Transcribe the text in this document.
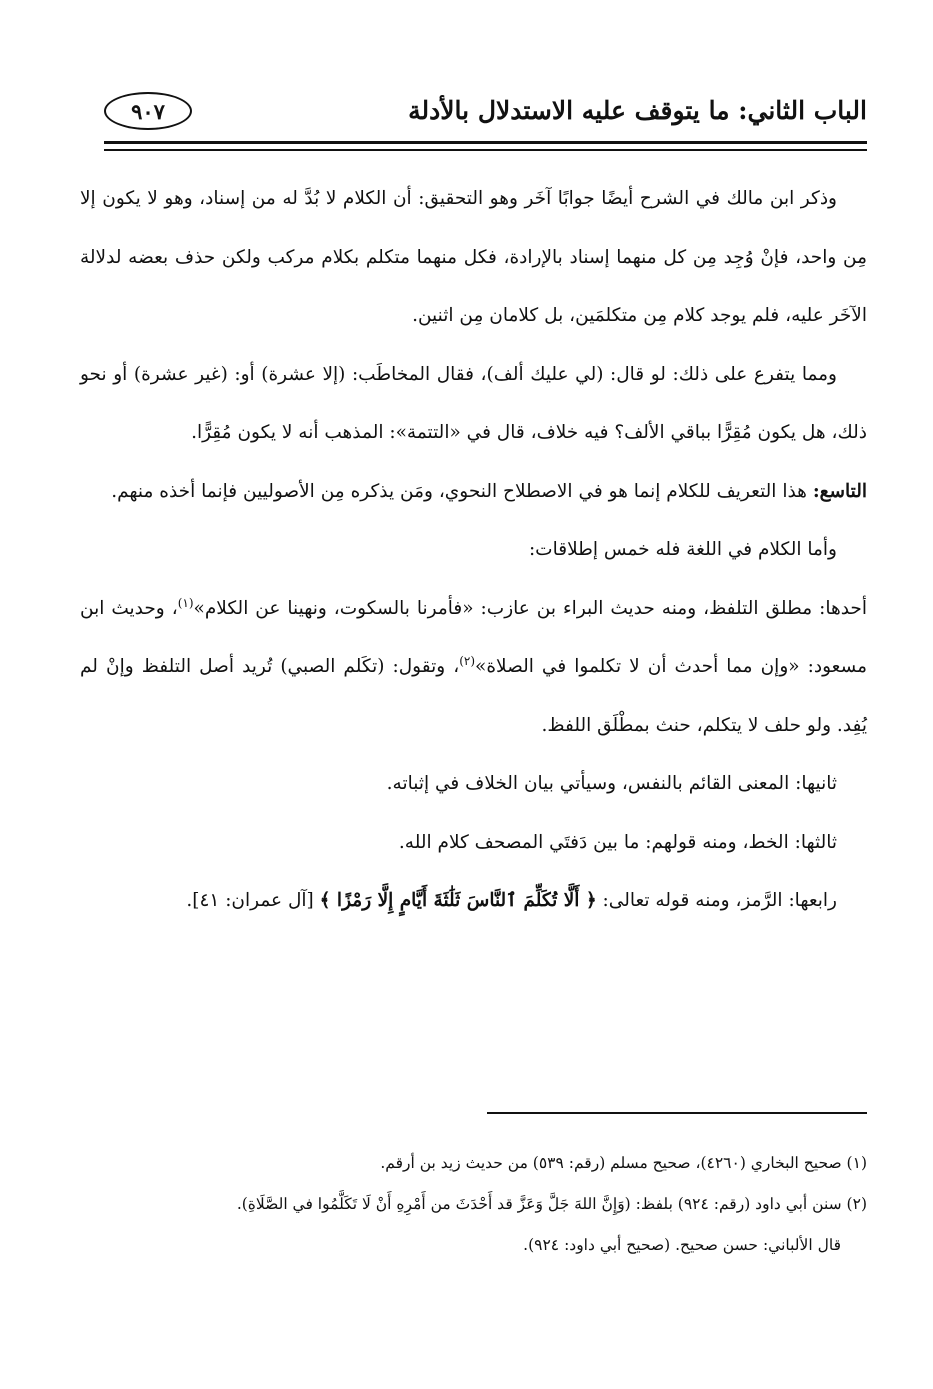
الباب الثاني: ما يتوقف عليه الاستدلال بالأدلة
٩٠٧

وذكر ابن مالك في الشرح أيضًا جوابًا آخَر وهو التحقيق: أن الكلام لا بُدَّ له من إسناد، وهو لا يكون إلا مِن واحد، فإنْ وُجِد مِن كل منهما إسناد بالإرادة، فكل منهما متكلم بكلام مركب ولكن حذف بعضه لدلالة الآخَر عليه، فلم يوجد كلام مِن متكلمَين، بل كلامان مِن اثنين.

ومما يتفرع على ذلك: لو قال: (لي عليك ألف)، فقال المخاطَب: (إلا عشرة) أو: (غير عشرة) أو نحو ذلك، هل يكون مُقِرًّا بباقي الألف؟ فيه خلاف، قال في «التتمة»: المذهب أنه لا يكون مُقِرًّا.

التاسع: هذا التعريف للكلام إنما هو في الاصطلاح النحوي، ومَن يذكره مِن الأصوليين فإنما أخذه منهم.

وأما الكلام في اللغة فله خمس إطلاقات:

أحدها: مطلق التلفظ، ومنه حديث البراء بن عازب: «فأمرنا بالسكوت، ونهينا عن الكلام»$^{(١)}$، وحديث ابن مسعود: «وإن مما أحدث أن لا تكلموا في الصلاة»$^{(٢)}$، وتقول: (تكَلم الصبي) تُريد أصل التلفظ وإنْ لم يُفِد. ولو حلف لا يتكلم، حنث بمطْلَق اللفظ.

ثانيها: المعنى القائم بالنفس، وسيأتي بيان الخلاف في إثباته.

ثالثها: الخط، ومنه قولهم: ما بين دَفتَي المصحف كلام الله.

رابعها: الرَّمز، ومنه قوله تعالى: ﴿ أَلَّا تُكَلِّمَ ٱلنَّاسَ ثَلَٰثَةَ أَيَّامٍ إِلَّا رَمْزًا ﴾ [آل عمران: ٤١].

(١) صحيح البخاري (٤٢٦٠)، صحيح مسلم (رقم: ٥٣٩) من حديث زيد بن أرقم.

(٢) سنن أبي داود (رقم: ٩٢٤) بلفظ: (وَإِنَّ اللهَ جَلَّ وَعَزَّ قد أَحْدَثَ من أَمْرِهِ أَنْ لَا تَكَلَّمُوا في الصَّلَاةِ).

قال الألباني: حسن صحيح. (صحيح أبي داود: ٩٢٤).
